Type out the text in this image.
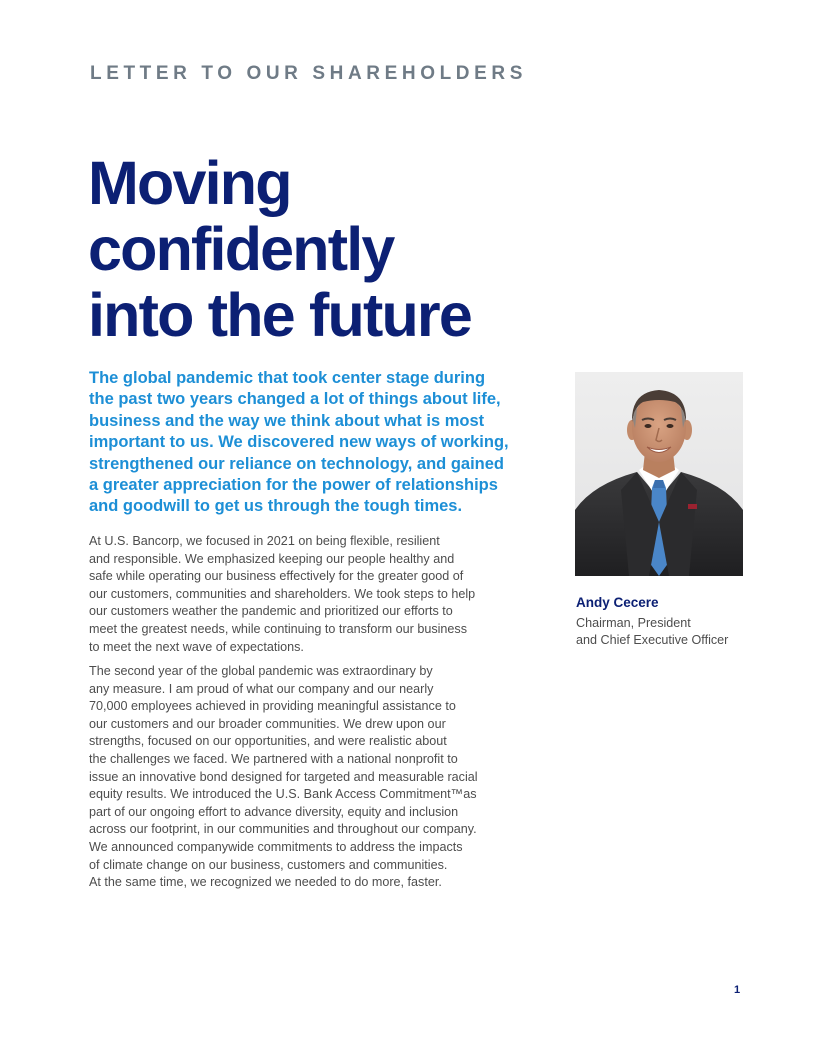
LETTER TO OUR SHAREHOLDERS
Moving
confidently
into the future

The global pandemic that took center stage during
the past two years changed a lot of things about life,
business and the way we think about what is most
important to us. We discovered new ways of working,
strengthened our reliance on technology, and gained
a greater appreciation for the power of relationships
and goodwill to get us through the tough times.

At U.S. Bancorp, we focused in 2021 on being flexible, resilient
and responsible. We emphasized keeping our people healthy and
safe while operating our business effectively for the greater good of
our customers, communities and shareholders. We took steps to help
our customers weather the pandemic and prioritized our efforts to
meet the greatest needs, while continuing to transform our business
to meet the next wave of expectations.

The second year of the global pandemic was extraordinary by
any measure. I am proud of what our company and our nearly
70,000 employees achieved in providing meaningful assistance to
our customers and our broader communities. We drew upon our
strengths, focused on our opportunities, and were realistic about
the challenges we faced. We partnered with a national nonprofit to
issue an innovative bond designed for targeted and measurable racial
equity results. We introduced the U.S. Bank Access Commitment™as
part of our ongoing effort to advance diversity, equity and inclusion
across our footprint, in our communities and throughout our company.
We announced companywide commitments to address the impacts
of climate change on our business, customers and communities.
At the same time, we recognized we needed to do more, faster.

Andy Cecere
Chairman, President
and Chief Executive Officer
1
